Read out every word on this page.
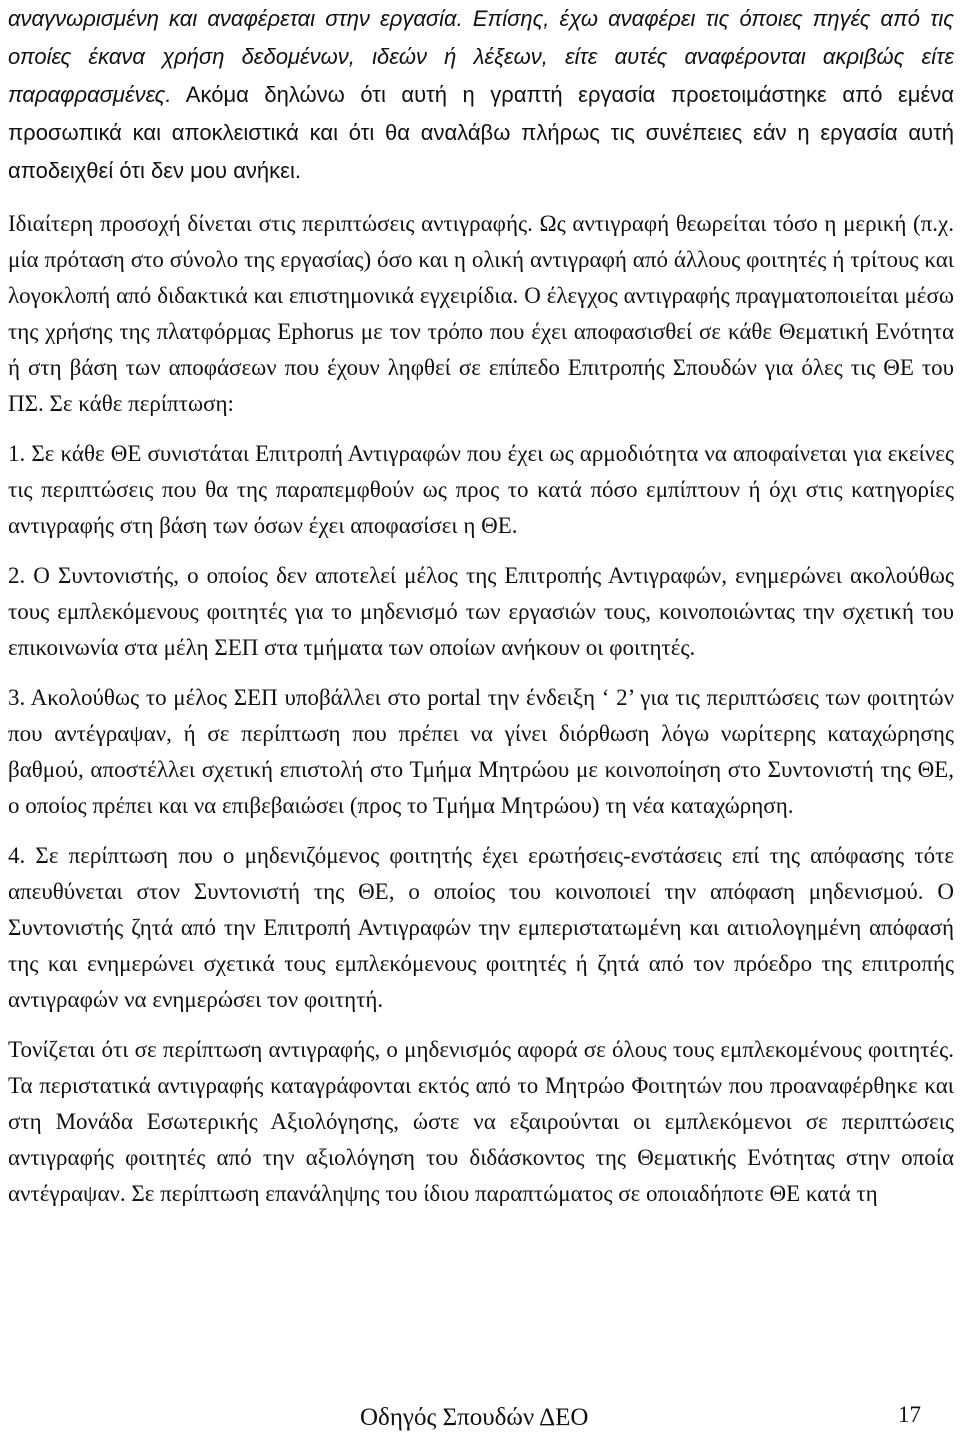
αναγνωρισμένη και αναφέρεται στην εργασία. Επίσης, έχω αναφέρει τις όποιες πηγές από τις οποίες έκανα χρήση δεδομένων, ιδεών ή λέξεων, είτε αυτές αναφέρονται ακριβώς είτε παραφρασμένες. Ακόμα δηλώνω ότι αυτή η γραπτή εργασία προετοιμάστηκε από εμένα προσωπικά και αποκλειστικά και ότι θα αναλάβω πλήρως τις συνέπειες εάν η εργασία αυτή αποδειχθεί ότι δεν μου ανήκει.

Ιδιαίτερη προσοχή δίνεται στις περιπτώσεις αντιγραφής. Ως αντιγραφή θεωρείται τόσο η μερική (π.χ. μία πρόταση στο σύνολο της εργασίας) όσο και η ολική αντιγραφή από άλλους φοιτητές ή τρίτους και λογοκλοπή από διδακτικά και επιστημονικά εγχειρίδια. Ο έλεγχος αντιγραφής πραγματοποιείται μέσω της χρήσης της πλατφόρμας Ephorus με τον τρόπο που έχει αποφασισθεί σε κάθε Θεματική Ενότητα ή στη βάση των αποφάσεων που έχουν ληφθεί σε επίπεδο Επιτροπής Σπουδών για όλες τις ΘΕ του ΠΣ. Σε κάθε περίπτωση:

1. Σε κάθε ΘΕ συνιστάται Επιτροπή Αντιγραφών που έχει ως αρμοδιότητα να αποφαίνεται για εκείνες τις περιπτώσεις που θα της παραπεμφθούν ως προς το κατά πόσο εμπίπτουν ή όχι στις κατηγορίες αντιγραφής στη βάση των όσων έχει αποφασίσει η ΘΕ.

2. Ο Συντονιστής, ο οποίος δεν αποτελεί μέλος της Επιτροπής Αντιγραφών, ενημερώνει ακολούθως τους εμπλεκόμενους φοιτητές για το μηδενισμό των εργασιών τους, κοινοποιώντας την σχετική του επικοινωνία στα μέλη ΣΕΠ στα τμήματα των οποίων ανήκουν οι φοιτητές.

3. Ακολούθως το μέλος ΣΕΠ υποβάλλει στο portal την ένδειξη ‘ 2’ για τις περιπτώσεις των φοιτητών που αντέγραψαν, ή σε περίπτωση που πρέπει να γίνει διόρθωση λόγω νωρίτερης καταχώρησης βαθμού, αποστέλλει σχετική επιστολή στο Τμήμα Μητρώου με κοινοποίηση στο Συντονιστή της ΘΕ, ο οποίος πρέπει και να επιβεβαιώσει (προς το Τμήμα Μητρώου) τη νέα καταχώρηση.

4. Σε περίπτωση που ο μηδενιζόμενος φοιτητής έχει ερωτήσεις-ενστάσεις επί της απόφασης τότε απευθύνεται στον Συντονιστή της ΘΕ, ο οποίος του κοινοποιεί την απόφαση μηδενισμού. Ο Συντονιστής ζητά από την Επιτροπή Αντιγραφών την εμπεριστατωμένη και αιτιολογημένη απόφασή της και ενημερώνει σχετικά τους εμπλεκόμενους φοιτητές ή ζητά από τον πρόεδρο της επιτροπής αντιγραφών να ενημερώσει τον φοιτητή.

Τονίζεται ότι σε περίπτωση αντιγραφής, ο μηδενισμός αφορά σε όλους τους εμπλεκομένους φοιτητές. Τα περιστατικά αντιγραφής καταγράφονται εκτός από το Μητρώο Φοιτητών που προαναφέρθηκε και στη Μονάδα Εσωτερικής Αξιολόγησης, ώστε να εξαιρούνται οι εμπλεκόμενοι σε περιπτώσεις αντιγραφής φοιτητές από την αξιολόγηση του διδάσκοντος της Θεματικής Ενότητας στην οποία αντέγραψαν. Σε περίπτωση επανάληψης του ίδιου παραπτώματος σε οποιαδήποτε ΘΕ κατά τη

Οδηγός Σπουδών ΔΕΟ	17
